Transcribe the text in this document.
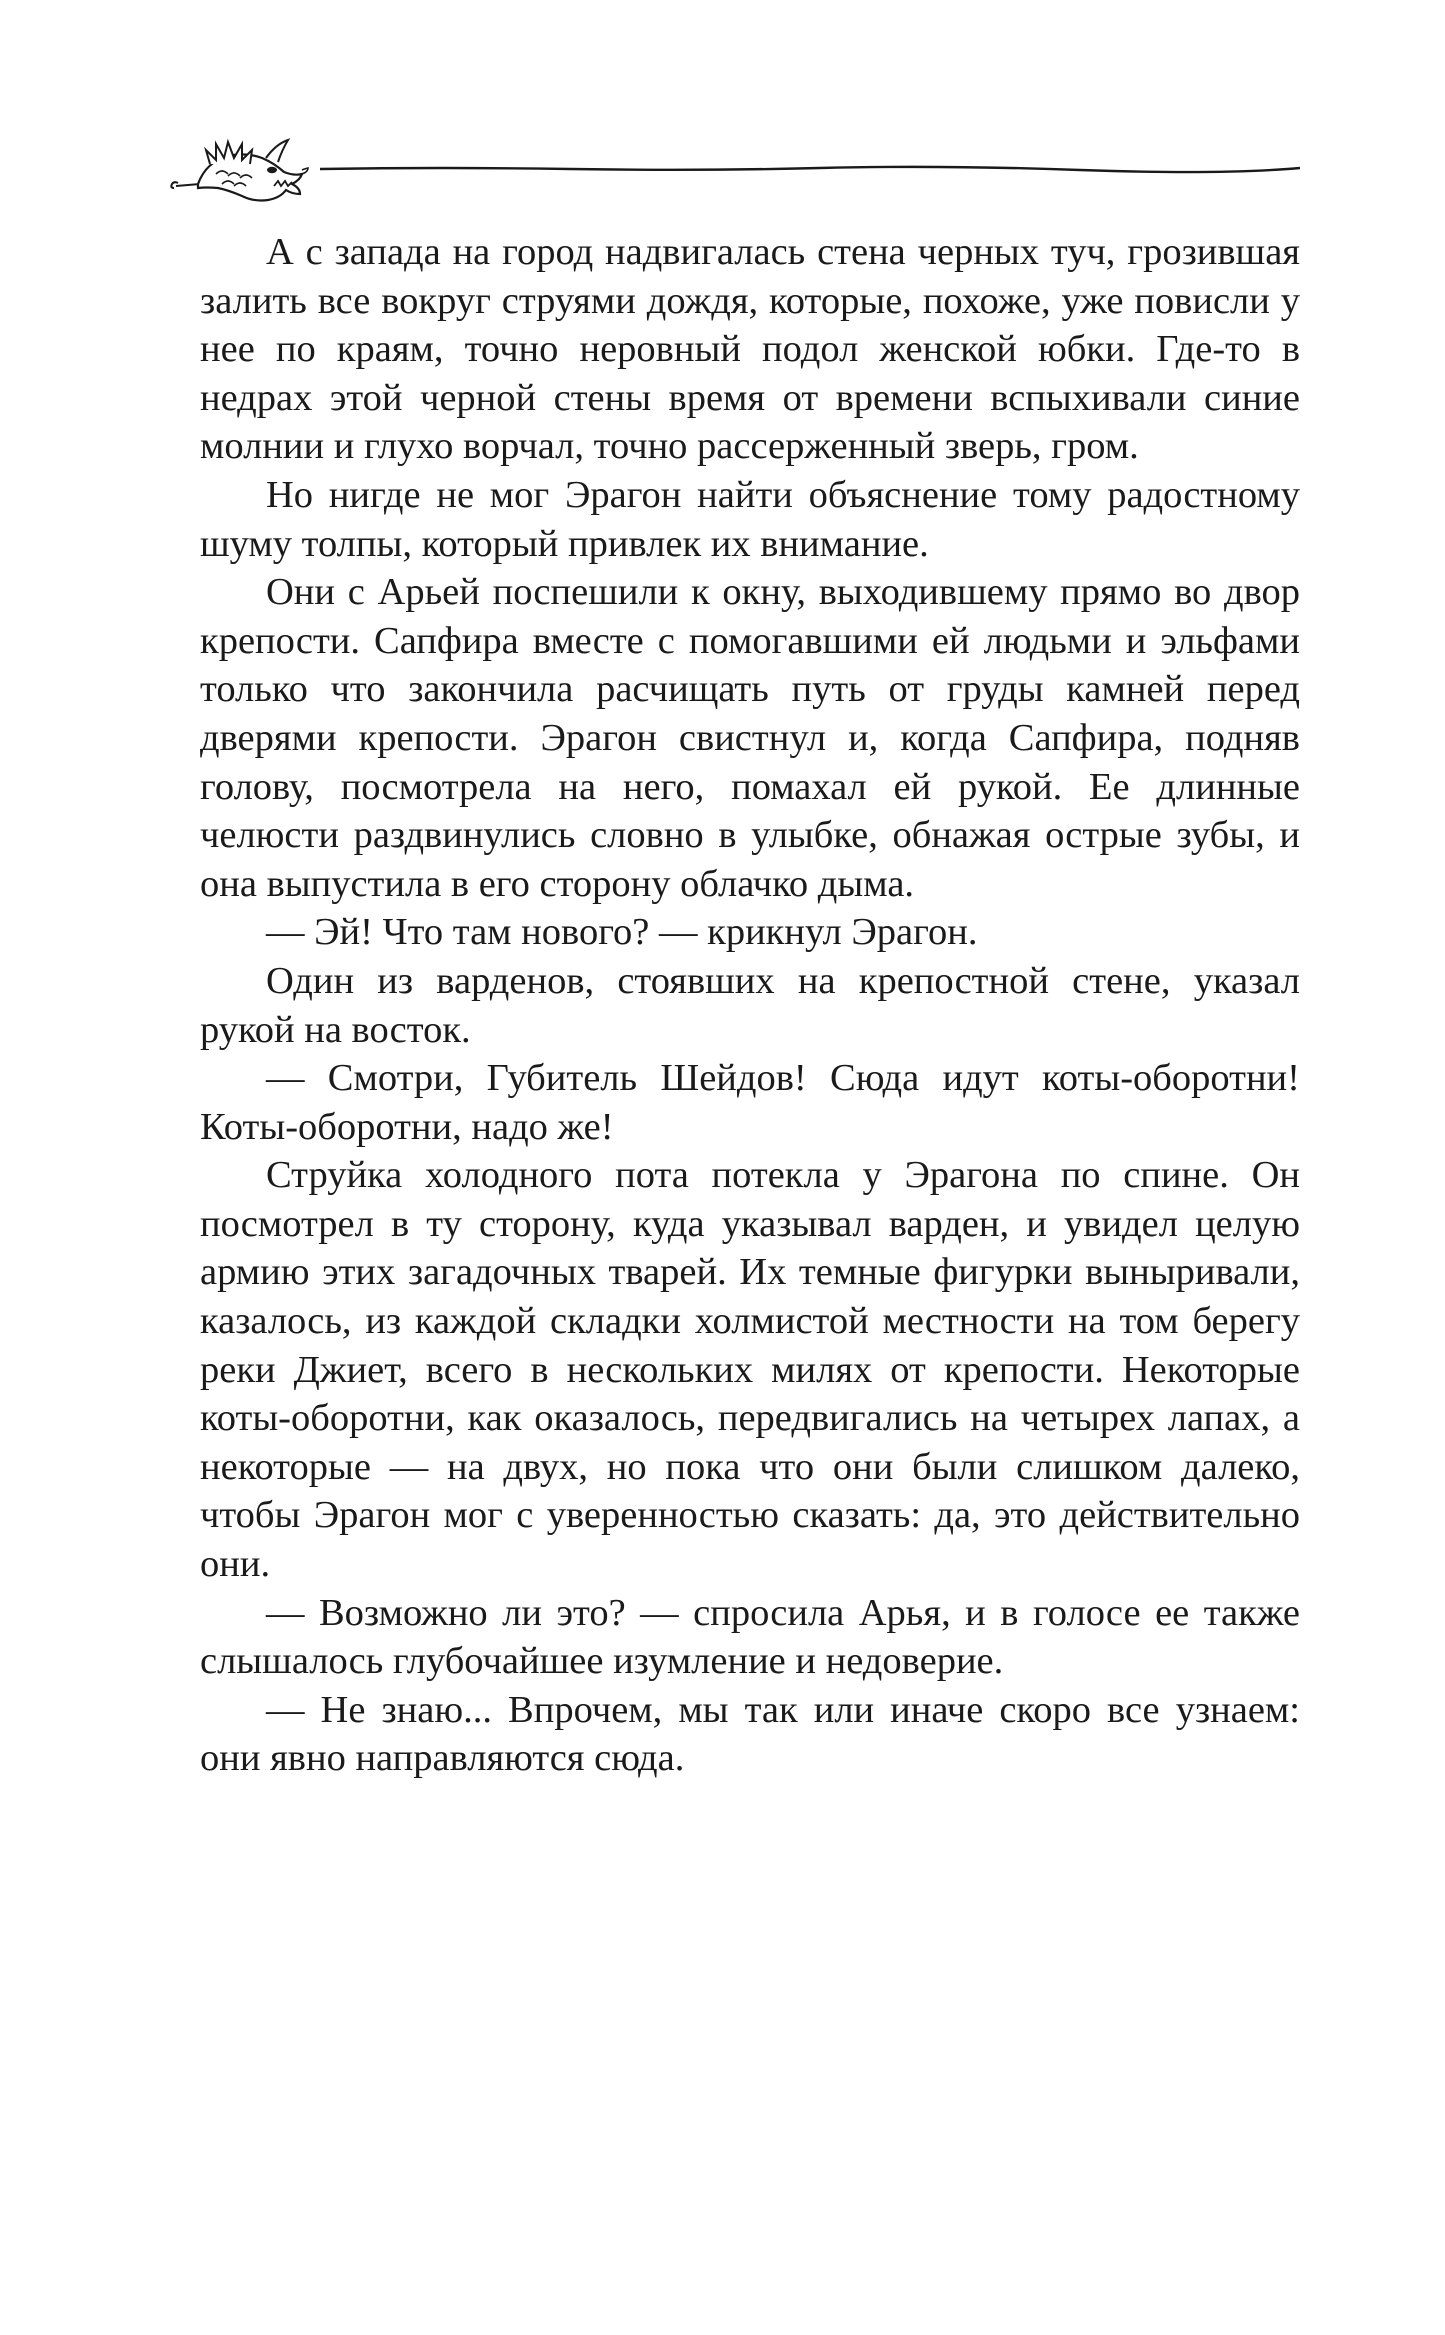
А с запада на город надвигалась стена черных туч, грозившая залить все вокруг струями дождя, которые, похоже, уже повисли у нее по краям, точно неровный подол женской юбки. Где-то в недрах этой черной стены время от времени вспыхивали синие молнии и глухо ворчал, точно рассерженный зверь, гром.

Но нигде не мог Эрагон найти объяснение тому радостному шуму толпы, который привлек их внимание.

Они с Арьей поспешили к окну, выходившему прямо во двор крепости. Сапфира вместе с помогавшими ей людьми и эльфами только что закончила расчищать путь от груды камней перед дверями крепости. Эрагон свистнул и, когда Сапфира, подняв голову, посмотрела на него, помахал ей рукой. Ее длинные челюсти раздвинулись словно в улыбке, обнажая острые зубы, и она выпустила в его сторону облачко дыма.

— Эй! Что там нового? — крикнул Эрагон.

Один из варденов, стоявших на крепостной стене, указал рукой на восток.

— Смотри, Губитель Шейдов! Сюда идут коты-оборотни! Коты-оборотни, надо же!

Струйка холодного пота потекла у Эрагона по спине. Он посмотрел в ту сторону, куда указывал варден, и увидел целую армию этих загадочных тварей. Их темные фигурки выныривали, казалось, из каждой складки холмистой местности на том берегу реки Джиет, всего в нескольких милях от крепости. Некоторые коты-оборотни, как оказалось, передвигались на четырех лапах, а некоторые — на двух, но пока что они были слишком далеко, чтобы Эрагон мог с уверенностью сказать: да, это действительно они.

— Возможно ли это? — спросила Арья, и в голосе ее также слышалось глубочайшее изумление и недоверие.

— Не знаю... Впрочем, мы так или иначе скоро все узнаем: они явно направляются сюда.
